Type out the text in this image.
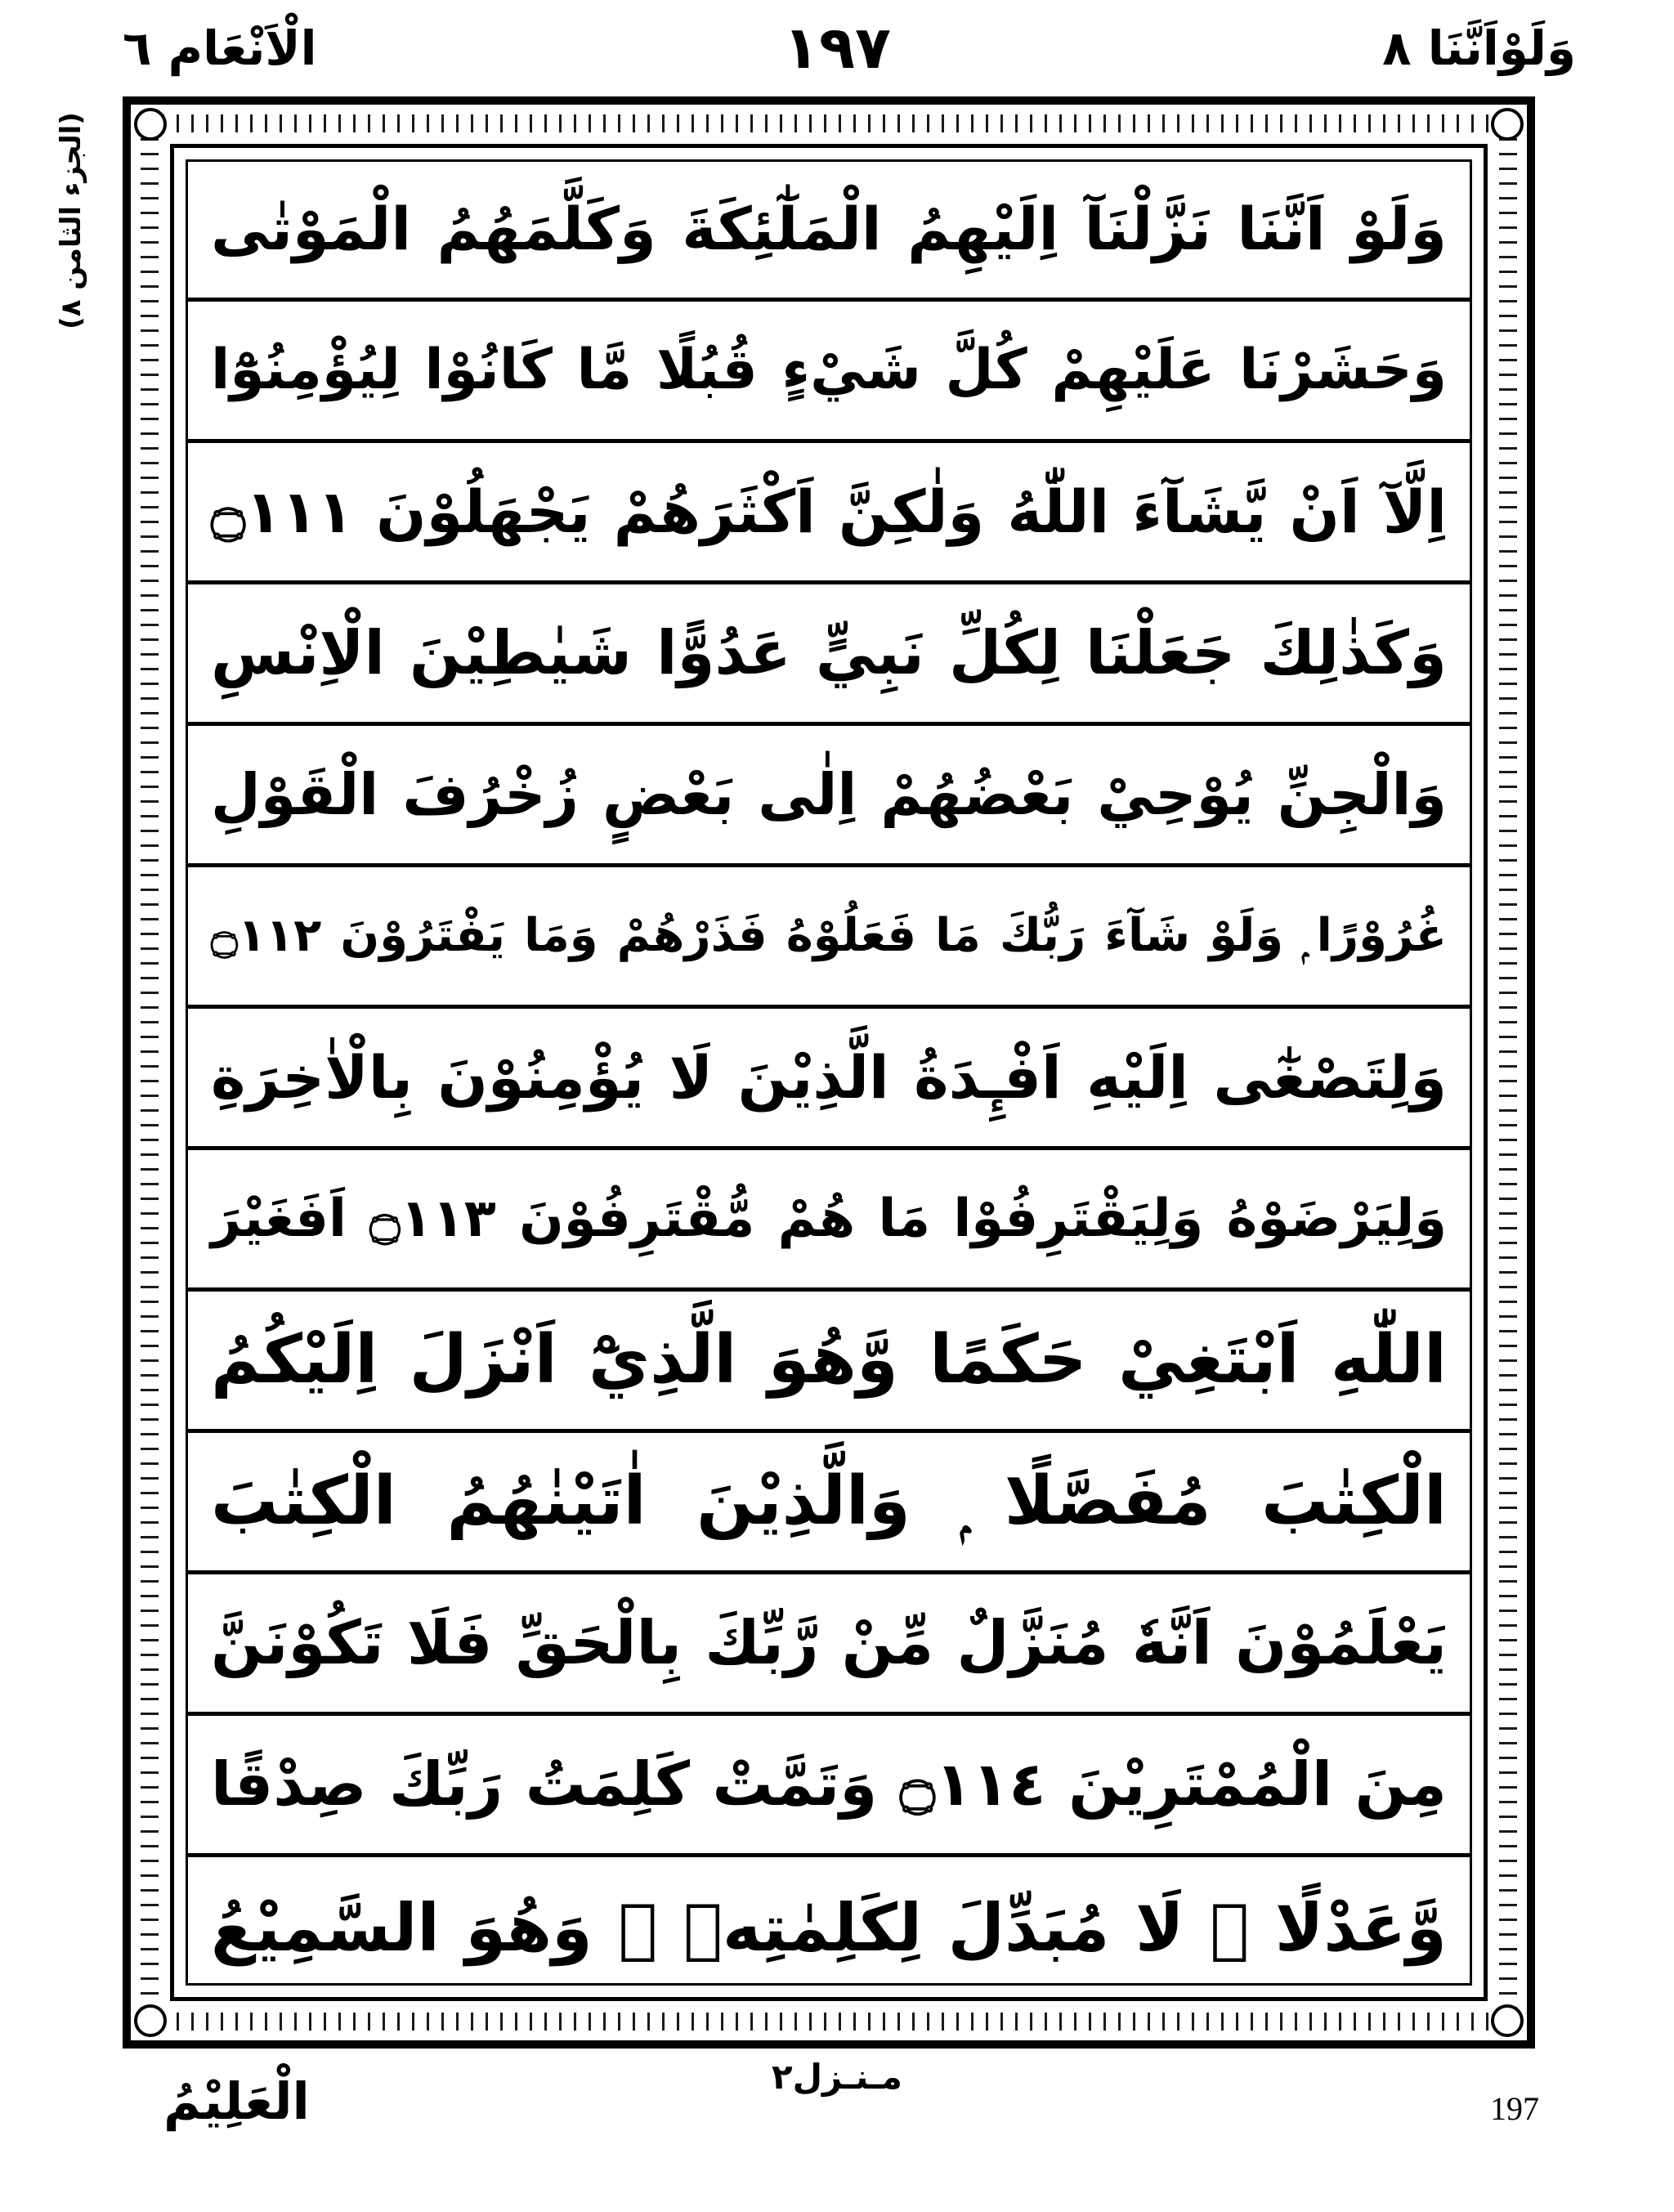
وَلَوْاَنَّنَا ٨
١٩٧
الْاَنْعَام ٦
(الجزء الثامن ٨) وَلَوْ اَنَّنَا نَزَّلْنَآ اِلَيْهِمُ الْمَلٰٓئِكَةَ وَكَلَّمَهُمُ الْمَوْتٰى
وَحَشَرْنَا عَلَيْهِمْ كُلَّ شَيْءٍ قُبُلًا مَّا كَانُوْا لِيُؤْمِنُوْٓا
اِلَّآ اَنْ يَّشَآءَ اللّٰهُ وَلٰكِنَّ اَكْثَرَهُمْ يَجْهَلُوْنَ ۝١١١
وَكَذٰلِكَ جَعَلْنَا لِكُلِّ نَبِيٍّ عَدُوًّا شَيٰطِيْنَ الْاِنْسِ
وَالْجِنِّ يُوْحِيْ بَعْضُهُمْ اِلٰى بَعْضٍ زُخْرُفَ الْقَوْلِ
غُرُوْرًا ۭ وَلَوْ شَآءَ رَبُّكَ مَا فَعَلُوْهُ فَذَرْهُمْ وَمَا يَفْتَرُوْنَ ۝١١٢
وَلِتَصْغٰٓى اِلَيْهِ اَفْـِٕدَةُ الَّذِيْنَ لَا يُؤْمِنُوْنَ بِالْاٰخِرَةِ
وَلِيَرْضَوْهُ وَلِيَقْتَرِفُوْا مَا هُمْ مُّقْتَرِفُوْنَ ۝١١٣ اَفَغَيْرَ
اللّٰهِ اَبْتَغِيْ حَكَمًا وَّهُوَ الَّذِيْٓ اَنْزَلَ اِلَيْكُمُ
الْكِتٰبَ مُفَصَّلًا ۭ وَالَّذِيْنَ اٰتَيْنٰهُمُ الْكِتٰبَ
يَعْلَمُوْنَ اَنَّهٗ مُنَزَّلٌ مِّنْ رَّبِّكَ بِالْحَقِّ فَلَا تَكُوْنَنَّ
مِنَ الْمُمْتَرِيْنَ ۝١١٤ وَتَمَّتْ كَلِمَتُ رَبِّكَ صِدْقًا
وَّعَدْلًا ۭ لَا مُبَدِّلَ لِكَلِمٰتِهٖ ۚ وَهُوَ السَّمِيْعُ
الْعَلِيْمُ	مـنـزل٢
197
